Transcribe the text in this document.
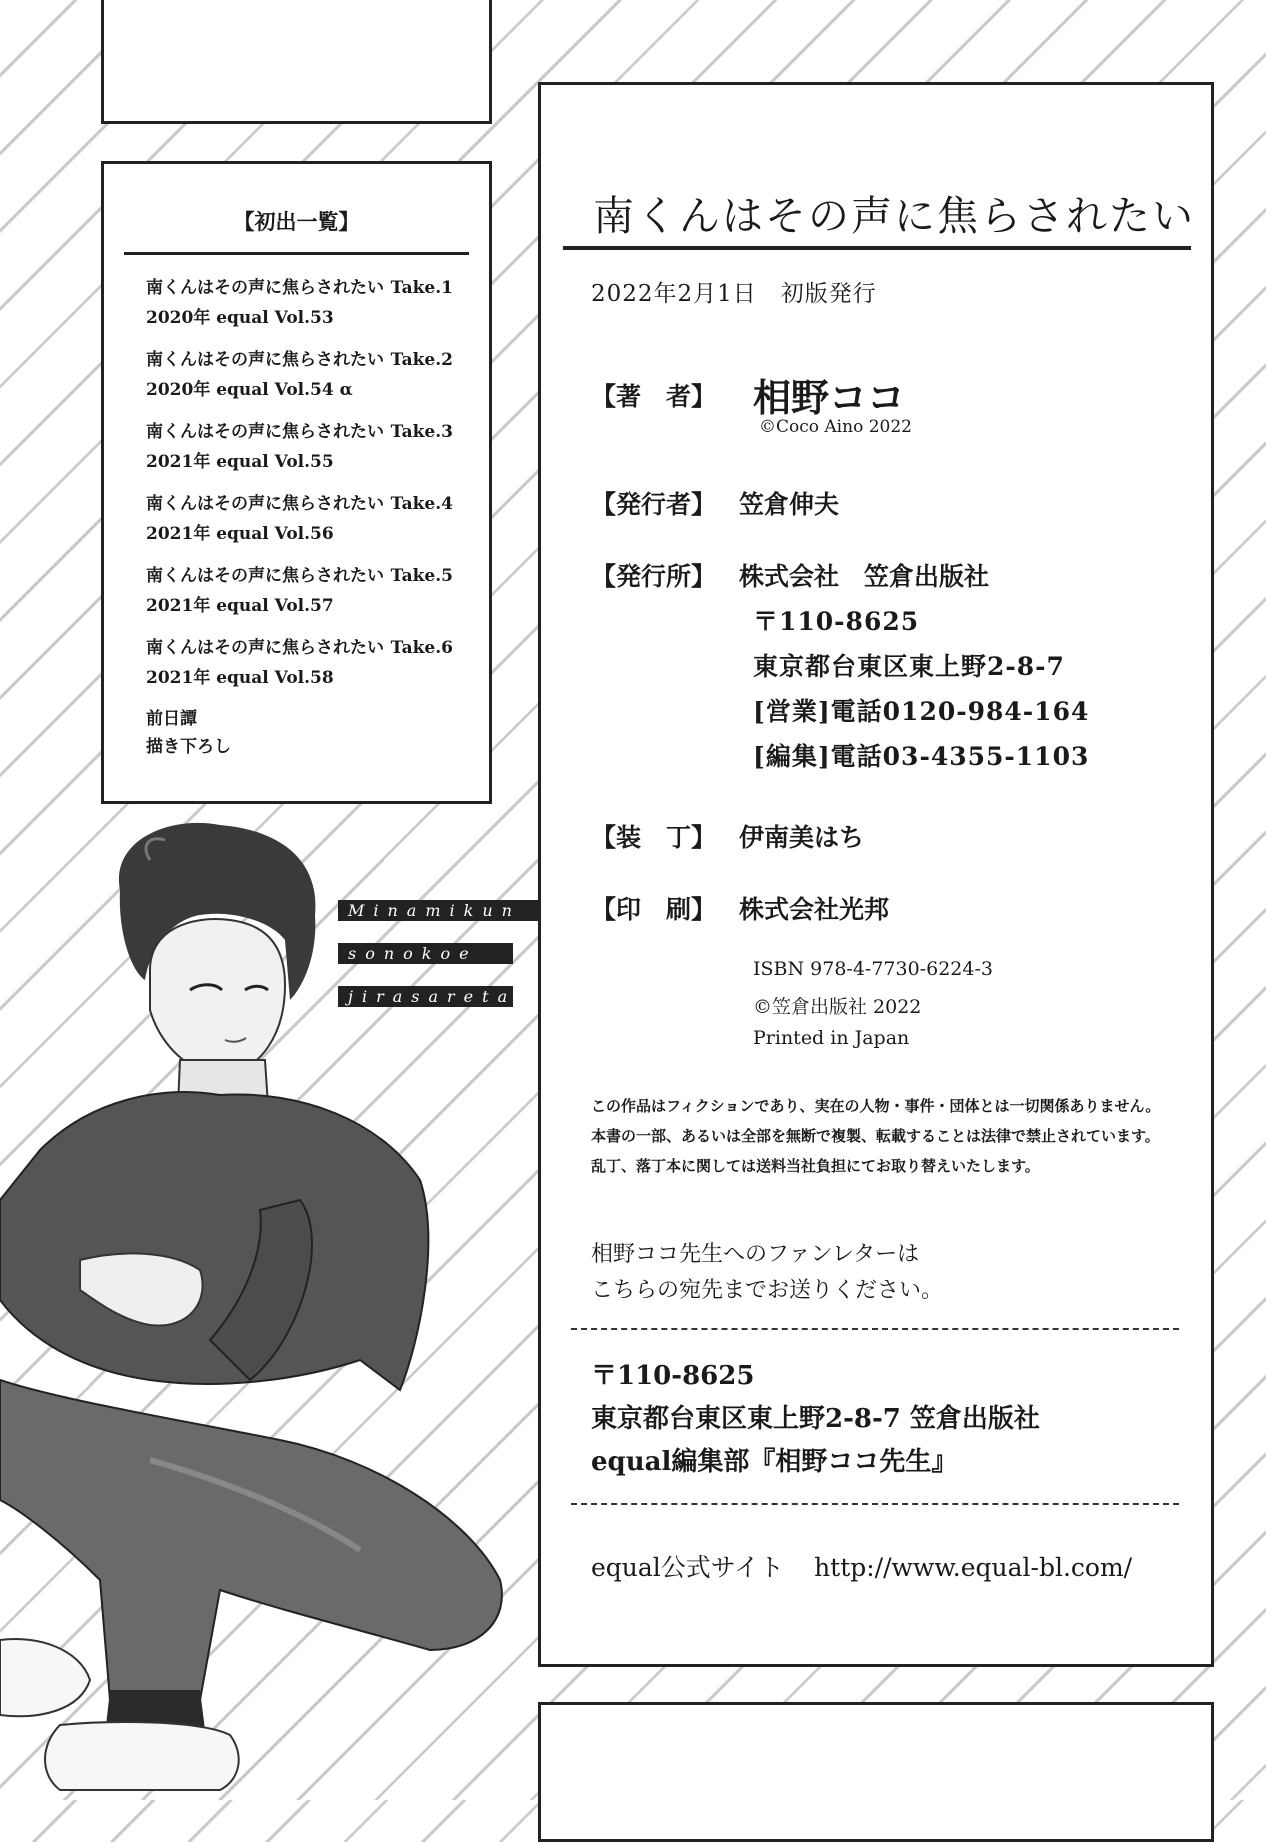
【初出一覧】
南くんはその声に焦らされたい Take.1
2020年 equal Vol.53
南くんはその声に焦らされたい Take.2
2020年 equal Vol.54 α
南くんはその声に焦らされたい Take.3
2021年 equal Vol.55
南くんはその声に焦らされたい Take.4
2021年 equal Vol.56
南くんはその声に焦らされたい Take.5
2021年 equal Vol.57
南くんはその声に焦らされたい Take.6
2021年 equal Vol.58
前日譚
描き下ろし
Minamikun ha
sonokoe ni
jirasaretai
南くんはその声に焦らされたい
2022年2月1日　初版発行
【著　者】 相野ココ
©Coco Aino 2022
【発行者】 笠倉伸夫
【発行所】 株式会社　笠倉出版社
〒110-8625
東京都台東区東上野2-8-7
[営業]電話0120-984-164
[編集]電話03-4355-1103
【装　丁】 伊南美はち
【印　刷】 株式会社光邦
ISBN 978-4-7730-6224-3
©笠倉出版社 2022
Printed in Japan
この作品はフィクションであり、実在の人物・事件・団体とは一切関係ありません。
本書の一部、あるいは全部を無断で複製、転載することは法律で禁止されています。
乱丁、落丁本に関しては送料当社負担にてお取り替えいたします。
相野ココ先生へのファンレターは
こちらの宛先までお送りください。
〒110-8625
東京都台東区東上野2-8-7 笠倉出版社
equal編集部『相野ココ先生』
equal公式サイト http://www.equal-bl.com/
